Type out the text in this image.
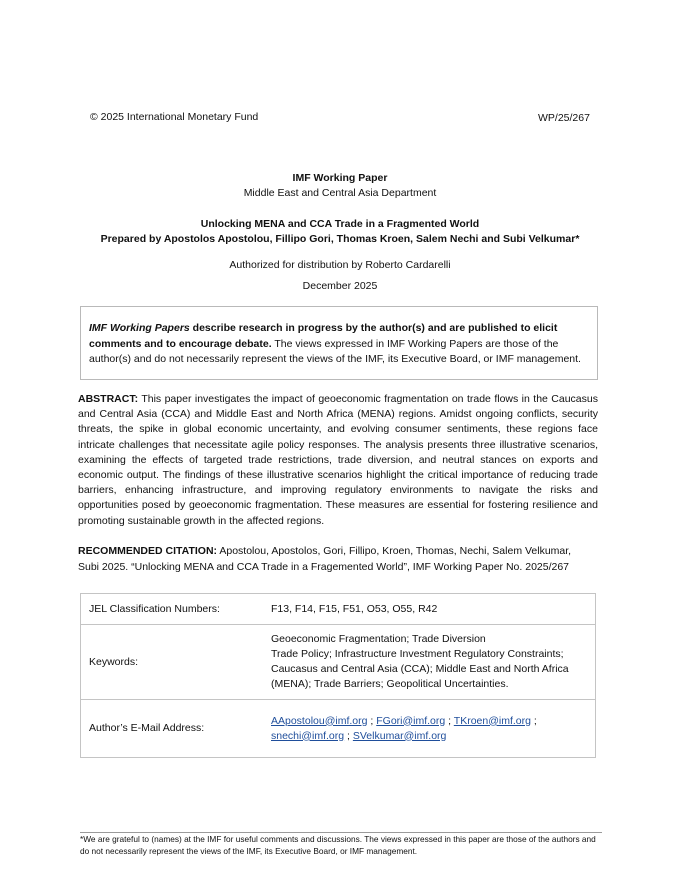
© 2025 International Monetary Fund	WP/25/267
IMF Working Paper
Middle East and Central Asia Department
Unlocking MENA and CCA Trade in a Fragmented World
Prepared by Apostolos Apostolou, Fillipo Gori, Thomas Kroen, Salem Nechi and Subi Velkumar*
Authorized for distribution by Roberto Cardarelli
December 2025

IMF Working Papers describe research in progress by the author(s) and are published to elicit comments and to encourage debate. The views expressed in IMF Working Papers are those of the author(s) and do not necessarily represent the views of the IMF, its Executive Board, or IMF management.

ABSTRACT: This paper investigates the impact of geoeconomic fragmentation on trade flows in the Caucasus and Central Asia (CCA) and Middle East and North Africa (MENA) regions. Amidst ongoing conflicts, security threats, the spike in global economic uncertainty, and evolving consumer sentiments, these regions face intricate challenges that necessitate agile policy responses. The analysis presents three illustrative scenarios, examining the effects of targeted trade restrictions, trade diversion, and neutral stances on exports and economic output. The findings of these illustrative scenarios highlight the critical importance of reducing trade barriers, enhancing infrastructure, and improving regulatory environments to navigate the risks and opportunities posed by geoeconomic fragmentation. These measures are essential for fostering resilience and promoting sustainable growth in the affected regions.
RECOMMENDED CITATION: Apostolou, Apostolos, Gori, Fillipo, Kroen, Thomas, Nechi, Salem Velkumar, Subi 2025. “Unlocking MENA and CCA Trade in a Fragemented World”, IMF Working Paper No. 2025/267
JEL Classification Numbers:	F13, F14, F15, F51, O53, O55, R42
Keywords:	Geoeconomic Fragmentation; Trade Diversion
Trade Policy; Infrastructure Investment Regulatory Constraints;
Caucasus and Central Asia (CCA); Middle East and North Africa
(MENA); Trade Barriers; Geopolitical Uncertainties.

Author’s E-Mail Address:	AApostolou@imf.org ; FGori@imf.org ; TKroen@imf.org ;
snechi@imf.org ; SVelkumar@imf.org
*We are grateful to (names) at the IMF for useful comments and discussions. The views expressed in this paper are those of the authors and do not necessarily represent the views of the IMF, its Executive Board, or IMF management.
